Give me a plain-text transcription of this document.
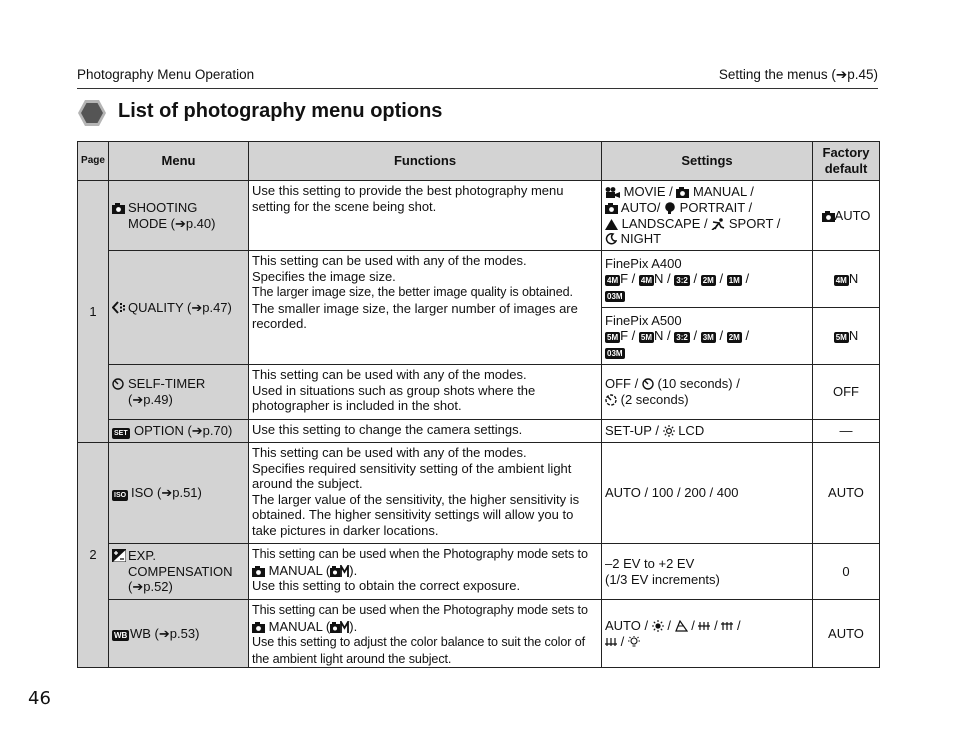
Photography Menu Operation	Setting the menus (➔p.45)
List of photography menu options
Page	Menu	Functions	Settings	Factory default
1	SHOOTING
MODE (➔p.40)	Use this setting to provide the best photography menu setting for the scene being shot.	MOVIE / MANUAL /
AUTO/ PORTRAIT /
LANDSCAPE / SPORT /
NIGHT	AUTO

	QUALITY (➔p.47)	This setting can be used with any of the modes.
Specifies the image size.
The larger image size, the better image quality is obtained.
The smaller image size, the larger number of images are recorded.	FinePix A400
4M F / 4M N / 3:2 / 2M / 1M /
03M	4M N
			FinePix A500
5M F / 5M N / 3:2 / 3M / 2M /
03M	5M N

	SELF-TIMER
(➔p.49)	This setting can be used with any of the modes.
Used in situations such as group shots where the photographer is included in the shot.	OFF / (10 seconds) /
(2 seconds)	OFF

	SET OPTION (➔p.70)	Use this setting to change the camera settings.	SET-UP / LCD	—
2	ISO ISO (➔p.51)	This setting can be used with any of the modes.
Specifies required sensitivity setting of the ambient light around the subject.
The larger value of the sensitivity, the higher sensitivity is obtained. The higher sensitivity settings will allow you to take pictures in darker locations.	AUTO / 100 / 200 / 400	AUTO

	EXP.
COMPENSATION
(➔p.52)	This setting can be used when the Photography mode sets to  MANUAL ( ).
Use this setting to obtain the correct exposure.	–2 EV to +2 EV
(1/3 EV increments)	0

	WB WB (➔p.53)	This setting can be used when the Photography mode sets to  MANUAL ( ).
Use this setting to adjust the color balance to suit the color of the ambient light around the subject.	AUTO / / / / /
/	AUTO
46
